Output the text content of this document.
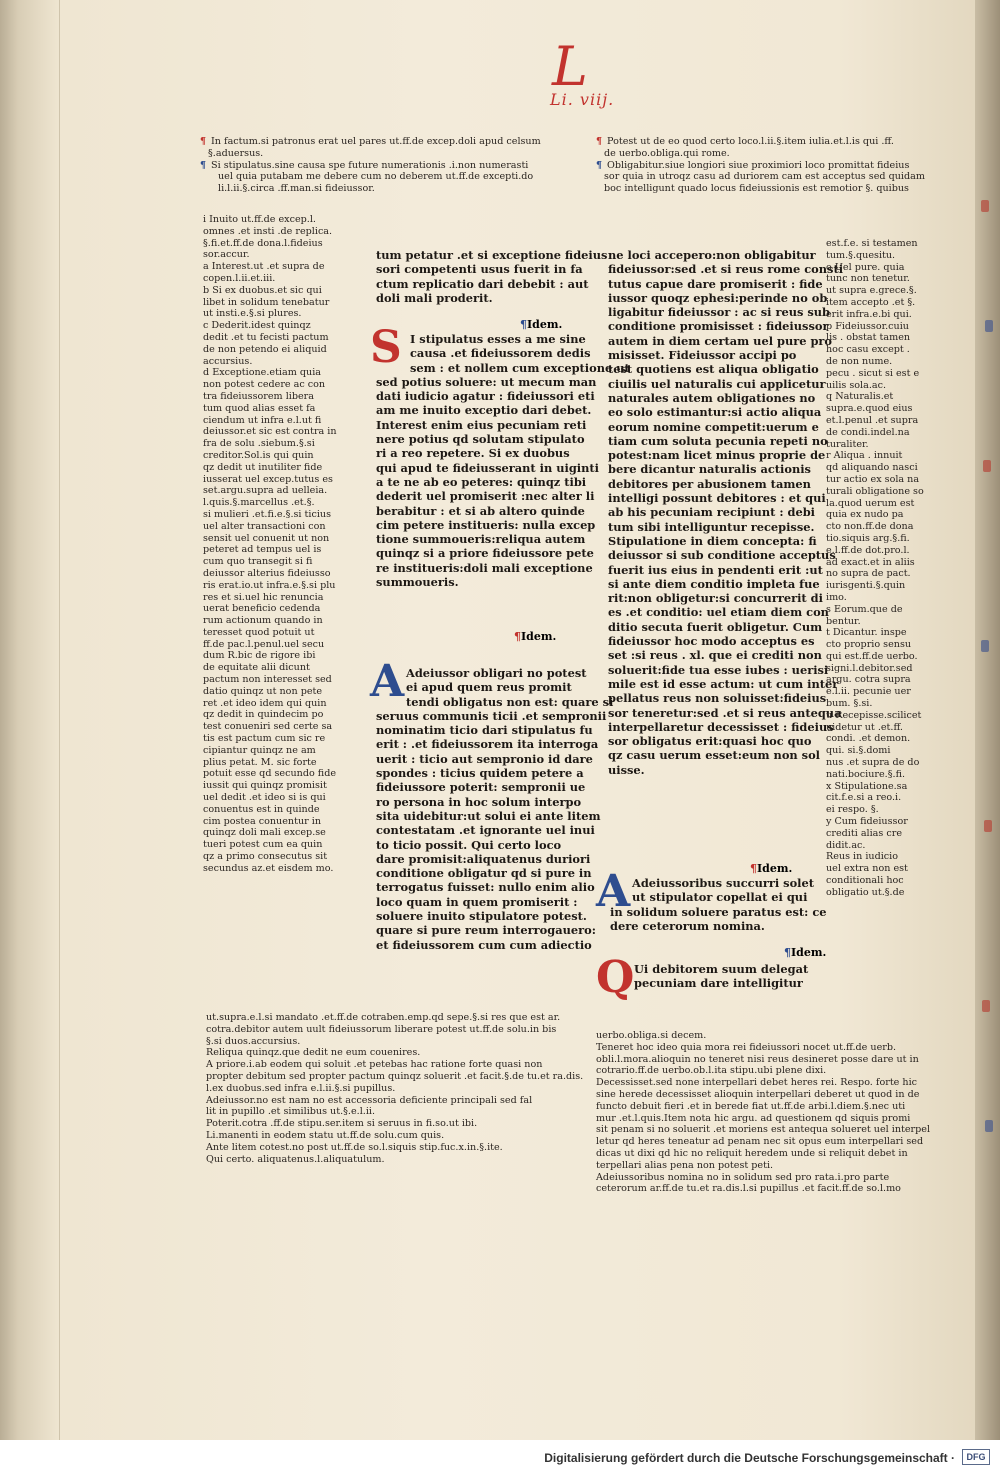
L
Li. viij.

¶ In factum.si patronus erat uel pares ut.ff.de excep.doli apud celsum

§.aduersus.

¶ Si stipulatus.sine causa spe future numerationis .i.non numerasti

uel quia putabam me debere cum no deberem ut.ff.de excepti.do

li.l.ii.§.circa .ff.man.si fideiussor.

¶ Potest ut de eo quod certo loco.l.ii.§.item iulia.et.l.is qui .ff.

de uerbo.obliga.qui rome.

¶ Obligabitur.siue longiori siue proximiori loco promittat fideius

sor quia in utroqz casu ad duriorem cam est acceptus sed quidam

boc intelligunt quado locus fideiussionis est remotior §. quibus

i Inuito ut.ff.de excep.l.

omnes .et insti .de replica.

§.fi.et.ff.de dona.l.fideius

sor.accur.

a Interest.ut .et supra de

copen.l.ii.et.iii.

b Si ex duobus.et sic qui

libet in solidum tenebatur

ut insti.e.§.si plures.

c Dederit.idest quinqz

dedit .et tu fecisti pactum

de non petendo ei aliquid

accursius.

d Exceptione.etiam quia

non potest cedere ac con

tra fideiussorem libera

tum quod alias esset fa

ciendum ut infra e.l.ut fi

deiussor.et sic est contra in

fra de solu .siebum.§.si

creditor.Sol.is qui quin

qz dedit ut inutiliter fide

iusserat uel excep.tutus es

set.argu.supra ad uelleia.

l.quis.§.marcellus .et.§.

si mulieri .et.fi.e.§.si ticius

uel alter transactioni con

sensit uel conuenit ut non

peteret ad tempus uel is

cum quo transegit si fi

deiussor alterius fideiusso

ris erat.io.ut infra.e.§.si plu

res et si.uel hic renuncia

uerat beneficio cedenda

rum actionum quando in

teresset quod potuit ut

ff.de pac.l.penul.uel secu

dum R.bic de rigore ibi

de equitate alii dicunt

pactum non interesset sed

datio quinqz ut non pete

ret .et ideo idem qui quin

qz dedit in quindecim po

test conueniri sed certe sa

tis est pactum cum sic re

cipiantur quinqz ne am

plius petat. M. sic forte

potuit esse qd secundo fide

iussit qui quinqz promisit

uel dedit .et ideo si is qui

conuentus est in quinde

cim postea conuentur in

quinqz doli mali excep.se

tueri potest cum ea quin

qz a primo consecutus sit

secundus az.et eisdem mo.

tum petatur .et si exceptione fideius

sori competenti usus fuerit in fa

ctum replicatio dari debebit : aut

doli mali proderit.

¶Idem.
S I stipulatus esses a me sine

causa .et fideiussorem dedis

sem : et nollem cum exceptione ut

sed potius soluere: ut mecum man

dati iudicio agatur : fideiussori eti

am me inuito exceptio dari debet.

Interest enim eius pecuniam reti

nere potius qd solutam stipulato

ri a reo repetere. Si ex duobus

qui apud te fideiusserant in uiginti

a te ne ab eo peteres: quinqz tibi

dederit uel promiserit :nec alter li

berabitur : et si ab altero quinde

cim petere institueris: nulla excep

tione summoueris:reliqua autem

quinqz si a priore fideiussore pete

re institueris:doli mali exceptione

summoueris.

¶Idem.
A Adeiussor obligari no potest

ei apud quem reus promit

tendi obligatus non est: quare si

seruus communis ticii .et sempronii

nominatim ticio dari stipulatus fu

erit : .et fideiussorem ita interroga

uerit : ticio aut sempronio id dare

spondes : ticius quidem petere a

fideiussore poterit: sempronii ue

ro persona in hoc solum interpo

sita uidebitur:ut solui ei ante litem

contestatam .et ignorante uel inui

to ticio possit. Qui certo loco

dare promisit:aliquatenus duriori

conditione obligatur qd si pure in

terrogatus fuisset: nullo enim alio

loco quam in quem promiserit :

soluere inuito stipulatore potest.

quare si pure reum interrogauero:

et fideiussorem cum cum adiectio

ne loci accepero:non obligabitur

fideiussor:sed .et si reus rome consti

tutus capue dare promiserit : fide

iussor quoqz ephesi:perinde no ob

ligabitur fideiussor : ac si reus sub

conditione promisisset : fideiussor

autem in diem certam uel pure pro

misisset. Fideiussor accipi po

test quotiens est aliqua obligatio

ciuilis uel naturalis cui applicetur

naturales autem obligationes no

eo solo estimantur:si actio aliqua

eorum nomine competit:uerum e

tiam cum soluta pecunia repeti no

potest:nam licet minus proprie de

bere dicantur naturalis actionis

debitores per abusionem tamen

intelligi possunt debitores : et qui

ab his pecuniam recipiunt : debi

tum sibi intelliguntur recepisse.

Stipulatione in diem concepta: fi

deiussor si sub conditione acceptus

fuerit ius eius in pendenti erit :ut

si ante diem conditio impleta fue

rit:non obligetur:si concurrerit di

es .et conditio: uel etiam diem con

ditio secuta fuerit obligetur. Cum

fideiussor hoc modo acceptus es

set :si reus . xl. que ei crediti non

soluerit:fide tua esse iubes : uerisi

mile est id esse actum: ut cum inter

pellatus reus non soluisset:fideius

sor teneretur:sed .et si reus antequa

interpellaretur decessisset : fideius

sor obligatus erit:quasi hoc quo

qz casu uerum esset:eum non sol

uisse.

¶Idem.
A Adeiussoribus succurri solet

ut stipulator copellat ei qui

in solidum soluere paratus est: ce

dere ceterorum nomina.

¶Idem.
Q Ui debitorem suum delegat

pecuniam dare intelligitur

est.f.e. si testamen

tum.§.quesitu.

o Uel pure. quia

tunc non tenetur.

ut supra e.grece.§.

item accepto .et §.

erit infra.e.bi qui.

p Fideiussor.cuiu

lis . obstat tamen

hoc casu except .

de non nume.

pecu . sicut si est e

uilis sola.ac.

q Naturalis.et

supra.e.quod eius

et.l.penul .et supra

de condi.indel.na

turaliter.

r Aliqua . innuit

qd aliquando nasci

tur actio ex sola na

turali obligatione so

la.quod uerum est

quia ex nudo pa

cto non.ff.de dona

tio.siquis arg.§.fi.

e.l.ff.de dot.pro.l.

ad exact.et in aliis

no supra de pact.

iurisgenti.§.quin

imo.

s Eorum.que de

bentur.

t Dicantur. inspe

cto proprio sensu

qui est.ff.de uerbo.

signi.l.debitor.sed

argu. cotra supra

e.l.ii. pecunie uer

bum. §.si.

u Recepisse.scilicet

uidetur ut .et.ff.

condi. .et demon.

qui. si.§.domi

nus .et supra de do

nati.bociure.§.fi.

x Stipulatione.sa

cit.f.e.si a reo.i.

ei respo. §.

y Cum fideiussor

crediti alias cre

didit.ac.

Reus in iudicio

uel extra non est

conditionali hoc

obligatio ut.§.de

ut.supra.e.l.si mandato .et.ff.de cotraben.emp.qd sepe.§.si res que est ar.

cotra.debitor autem uult fideiussorum liberare potest ut.ff.de solu.in bis

§.si duos.accursius.

Reliqua quinqz.que dedit ne eum couenires.

A priore.i.ab eodem qui soluit .et petebas hac ratione forte quasi non

propter debitum sed propter pactum quinqz soluerit .et facit.§.de tu.et ra.dis.

l.ex duobus.sed infra e.l.ii.§.si pupillus.

Adeiussor.no est nam no est accessoria deficiente principali sed fal

lit in pupillo .et similibus ut.§.e.l.ii.

Poterit.cotra .ff.de stipu.ser.item si seruus in fi.so.ut ibi.

Li.manenti in eodem statu ut.ff.de solu.cum quis.

Ante litem cotest.no post ut.ff.de so.l.siquis stip.fuc.x.in.§.ite.

Qui certo. aliquatenus.l.aliquatulum.

uerbo.obliga.si decem.

Teneret hoc ideo quia mora rei fideiussori nocet ut.ff.de uerb.

obli.l.mora.alioquin no teneret nisi reus desineret posse dare ut in

cotrario.ff.de uerbo.ob.l.ita stipu.ubi plene dixi.

Decessisset.sed none interpellari debet heres rei. Respo. forte hic

sine herede decessisset alioquin interpellari deberet ut quod in de

functo debuit fieri .et in berede fiat ut.ff.de arbi.l.diem.§.nec uti

mur .et.l.quis.Item nota hic argu. ad questionem qd siquis promi

sit penam si no soluerit .et moriens est antequa solueret uel interpel

letur qd heres teneatur ad penam nec sit opus eum interpellari sed

dicas ut dixi qd hic no reliquit heredem unde si reliquit debet in

terpellari alias pena non potest peti.

Adeiussoribus nomina no in solidum sed pro rata.i.pro parte

ceterorum ar.ff.de tu.et ra.dis.l.si pupillus .et facit.ff.de so.l.mo

Digitalisierung gefördert durch die Deutsche Forschungsgemeinschaft ·	DFG
